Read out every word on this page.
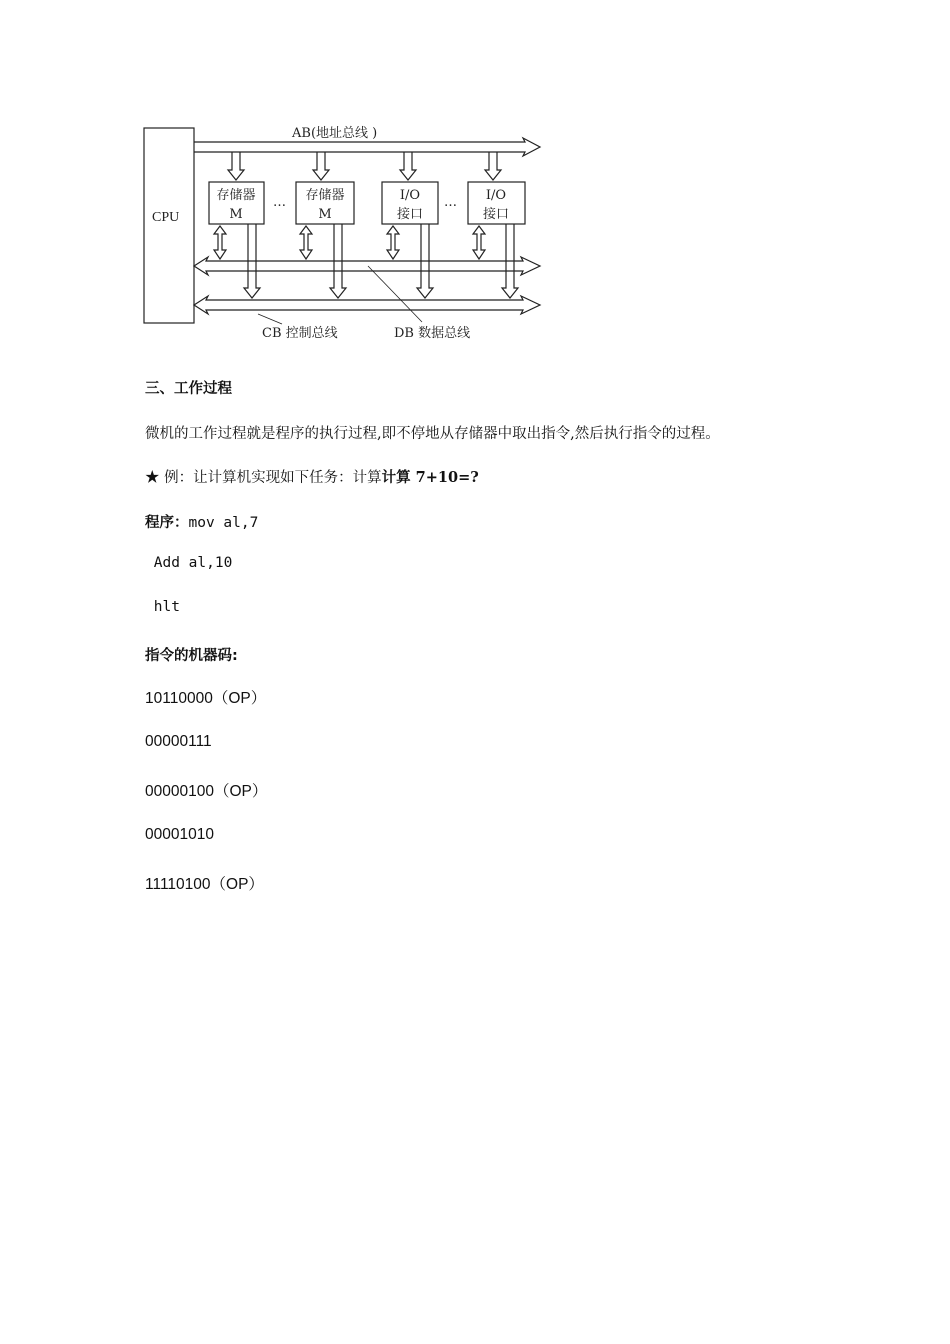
AB(地址总线 )
CPU
存储器
M
存储器
M
I/O
接口
I/O
接口
…	…
CB 控制总线	DB 数据总线
三、工作过程
微机的工作过程就是程序的执行过程,即不停地从存储器中取出指令,然后执行指令的过程。
★ 例：让计算机实现如下任务：计算计算 7+10=?
程序：mov al,7
Add al,10
hlt
指令的机器码:
10110000（OP）
00000111
00000100（OP）
00001010
11110100（OP）
